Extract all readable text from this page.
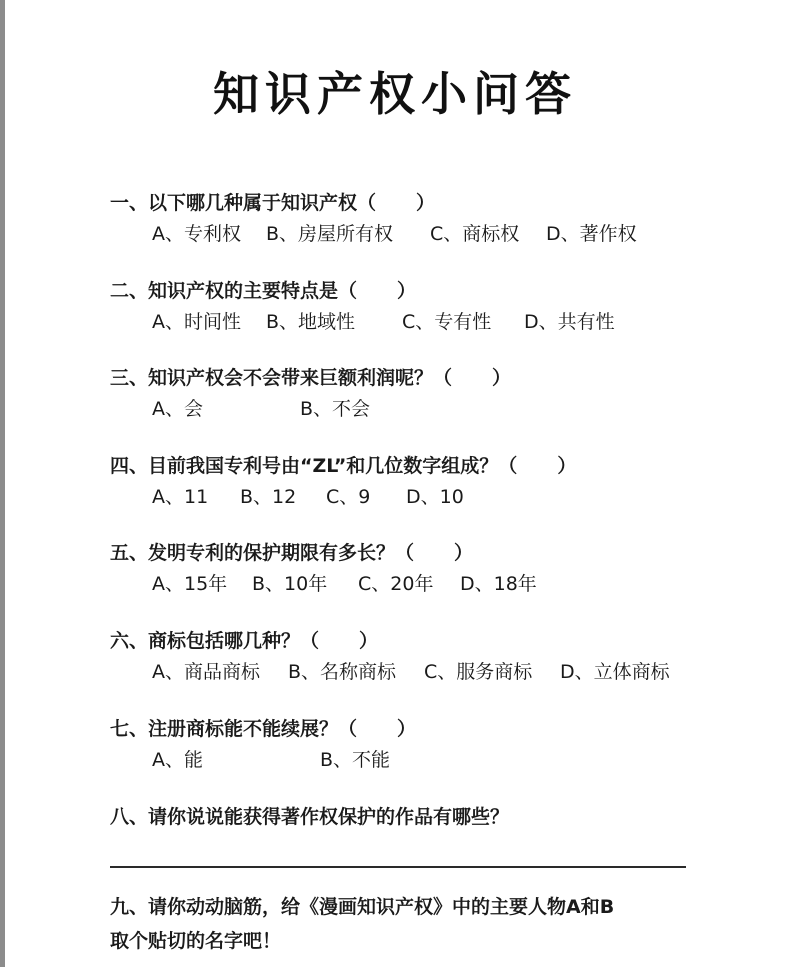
知识产权小问答
一、以下哪几种属于知识产权（ ）
A、专利权 B、房屋所有权 C、商标权 D、著作权
二、知识产权的主要特点是（ ）
A、时间性 B、地域性 C、专有性 D、共有性
三、知识产权会不会带来巨额利润呢？（ ）
A、会	B、不会
四、目前我国专利号由“ZL”和几位数字组成？（ ）
A、11 B、12 C、9 D、10
五、发明专利的保护期限有多长？（ ）
A、15年 B、10年 C、20年 D、18年
六、商标包括哪几种？（ ）
A、商品商标 B、名称商标 C、服务商标 D、立体商标
七、注册商标能不能续展？（ ）
A、能	B、不能
八、请你说说能获得著作权保护的作品有哪些？
九、请你动动脑筋，给《漫画知识产权》中的主要人物A和B
取个贴切的名字吧！
